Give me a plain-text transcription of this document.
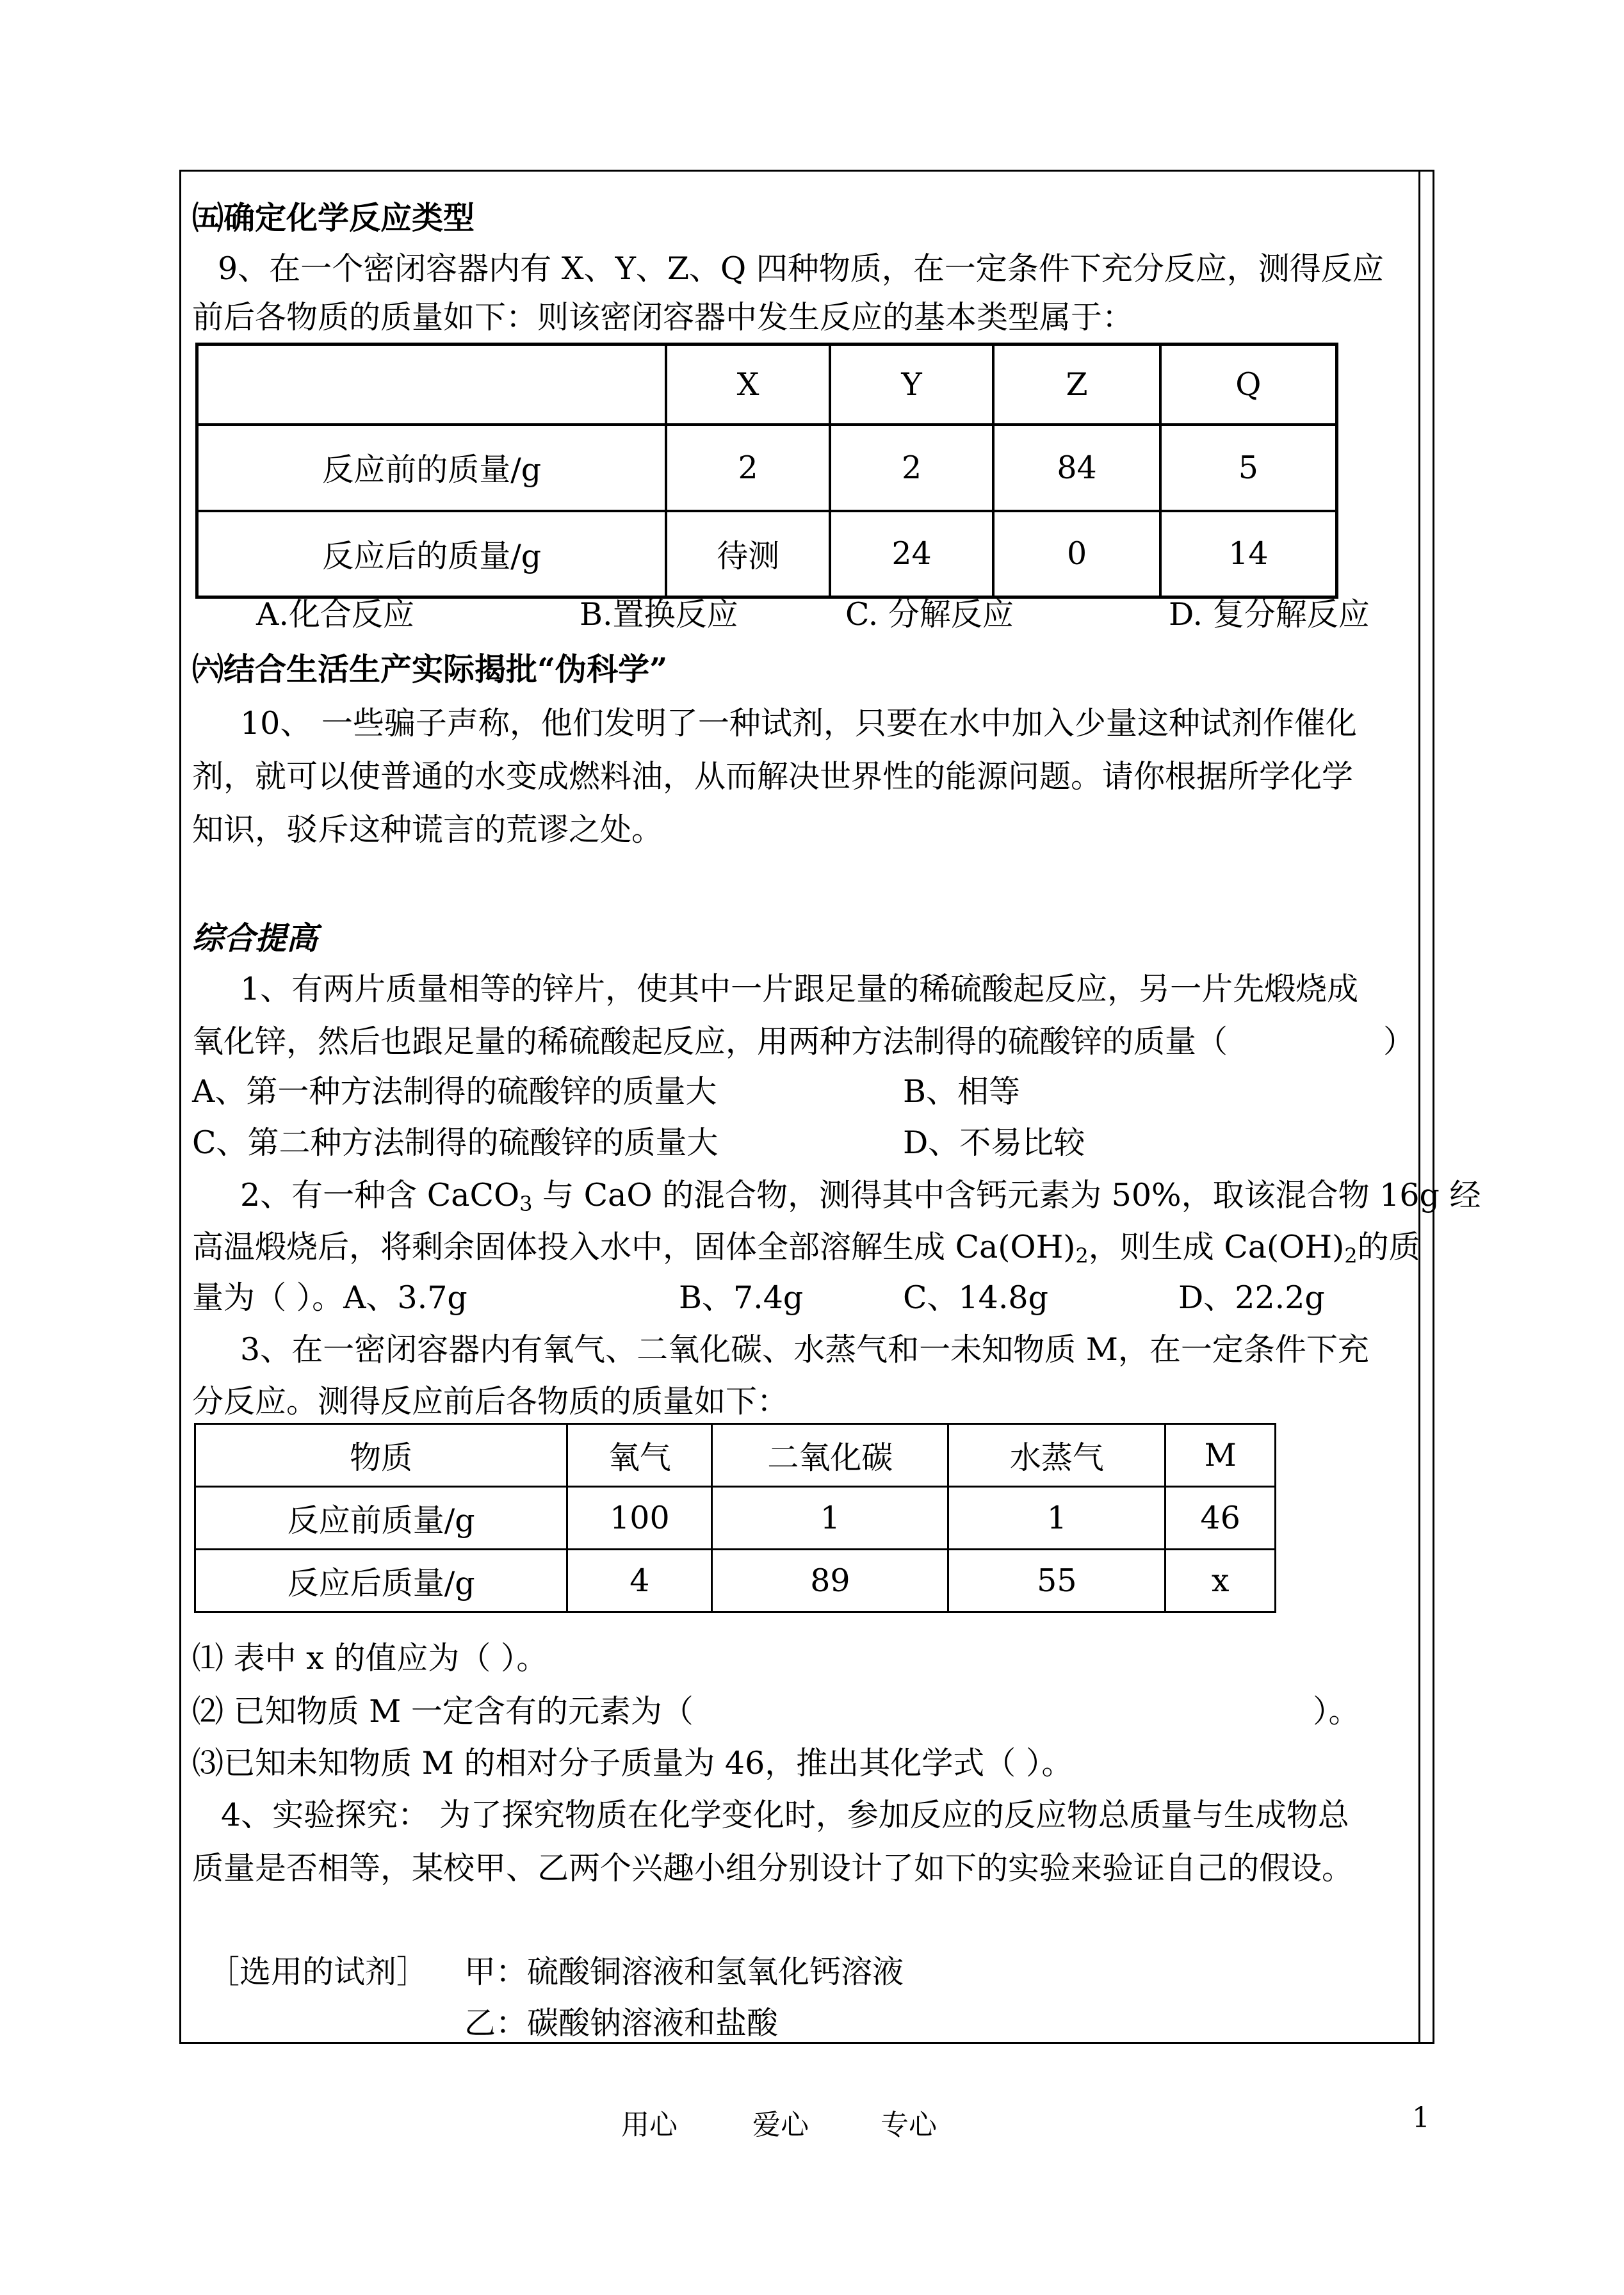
㈤确定化学反应类型
9、在一个密闭容器内有 X、Y、Z、Q 四种物质，在一定条件下充分反应，测得反应
前后各物质的质量如下：则该密闭容器中发生反应的基本类型属于：
	X	Y	Z	Q
反应前的质量/g	2	2	84	5
反应后的质量/g	待测	24	0	14
A.化合反应	B.置换反应	C. 分解反应	D. 复分解反应
㈥结合生活生产实际揭批“伪科学”
10、 一些骗子声称，他们发明了一种试剂，只要在水中加入少量这种试剂作催化
剂，就可以使普通的水变成燃料油，从而解决世界性的能源问题。请你根据所学化学
知识，驳斥这种谎言的荒谬之处。
综合提高
1、有两片质量相等的锌片，使其中一片跟足量的稀硫酸起反应，另一片先煅烧成
氧化锌，然后也跟足量的稀硫酸起反应，用两种方法制得的硫酸锌的质量（	）
A、第一种方法制得的硫酸锌的质量大	B、相等
C、第二种方法制得的硫酸锌的质量大	D、不易比较
2、有一种含 CaCO$_3$ 与 CaO 的混合物，测得其中含钙元素为 50%，取该混合物 16g 经
高温煅烧后，将剩余固体投入水中，固体全部溶解生成 $Ca(OH)_2$，则生成 $Ca(OH)_2$的质
量为（ ）。A、3.7g	B、7.4g	C、14.8g	D、22.2g
3、在一密闭容器内有氧气、二氧化碳、水蒸气和一未知物质 M，在一定条件下充
分反应。测得反应前后各物质的质量如下：
物质	氧气	二氧化碳	水蒸气	M
反应前质量/g	100	1	1	46
反应后质量/g	4	89	55	x
⑴ 表中 x 的值应为（ ）。
⑵ 已知物质 M 一定含有的元素为（	）。
⑶已知未知物质 M 的相对分子质量为 46，推出其化学式（ ）。
4、实验探究： 为了探究物质在化学变化时，参加反应的反应物总质量与生成物总
质量是否相等，某校甲、乙两个兴趣小组分别设计了如下的实验来验证自己的假设。
［选用的试剂］ 甲：硫酸铜溶液和氢氧化钙溶液
乙：碳酸钠溶液和盐酸
用心	爱心	专心	1
